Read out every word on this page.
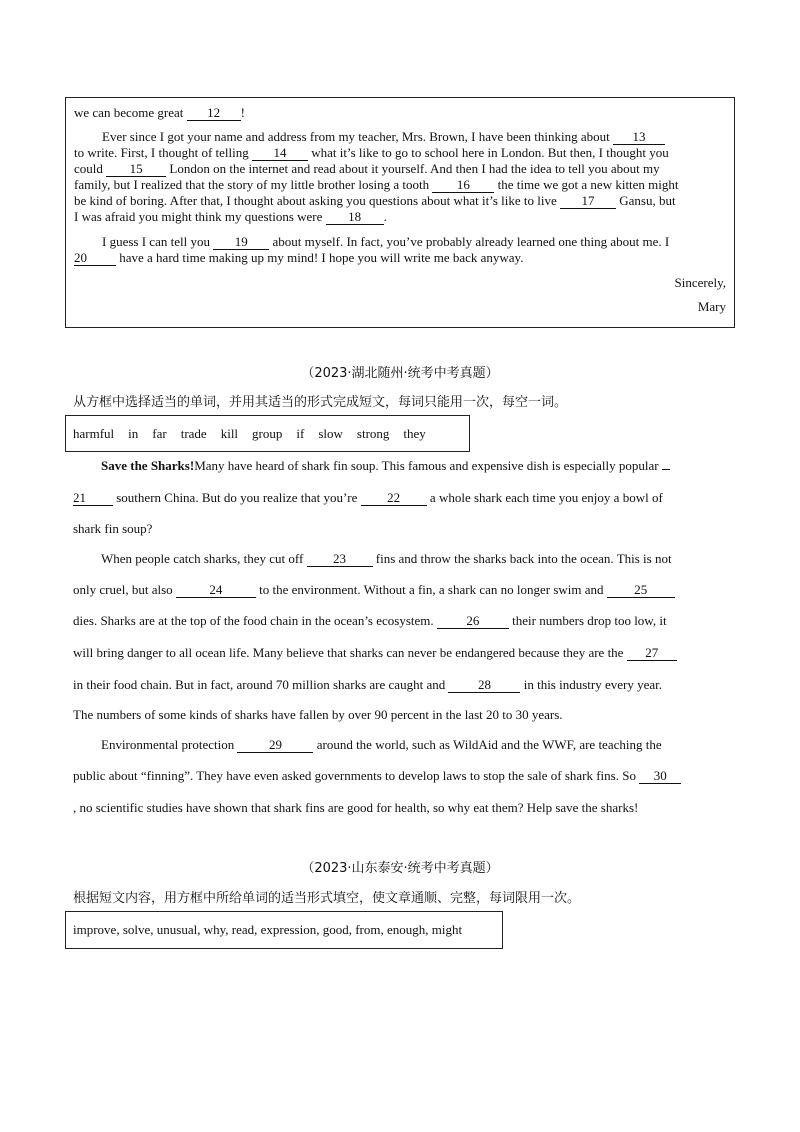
we can become great 12 !
Ever since I got your name and address from my teacher, Mrs. Brown, I have been thinking about 13
to write. First, I thought of telling 14 what it’s like to go to school here in London. But then, I thought you
could 15 London on the internet and read about it yourself. And then I had the idea to tell you about my
family, but I realized that the story of my little brother losing a tooth 16 the time we got a new kitten might
be kind of boring. After that, I thought about asking you questions about what it’s like to live 17 Gansu, but
I was afraid you might think my questions were 18 .
I guess I can tell you 19 about myself. In fact, you’ve probably already learned one thing about me. I
20 have a hard time making up my mind! I hope you will write me back anyway.
Sincerely,
Mary
（2023·湖北随州·统考中考真题）
从方框中选择适当的单词，并用其适当的形式完成短文，每词只能用一次，每空一词。
harmful in far trade kill group if slow strong they
Save the Sharks!Many have heard of shark fin soup. This famous and expensive dish is especially popular
21 southern China. But do you realize that you’re 22 a whole shark each time you enjoy a bowl of
shark fin soup?
When people catch sharks, they cut off 23 fins and throw the sharks back into the ocean. This is not
only cruel, but also	24	to the environment. Without a fin, a shark can no longer swim and 25
dies. Sharks are at the top of the food chain in the ocean’s ecosystem.	26	their numbers drop too low, it
will bring danger to all ocean life. Many believe that sharks can never be endangered because they are the 27
in their food chain. But in fact, around 70 million sharks are caught and	28	in this industry every year.
The numbers of some kinds of sharks have fallen by over 90 percent in the last 20 to 30 years.
Environmental protection	29	around the world, such as WildAid and the WWF, are teaching the
public about “finning”. They have even asked governments to develop laws to stop the sale of shark fins. So 30
, no scientific studies have shown that shark fins are good for health, so why eat them? Help save the sharks!
（2023·山东泰安·统考中考真题）
根据短文内容，用方框中所给单词的适当形式填空，使文章通顺、完整，每词限用一次。
improve, solve, unusual, why, read, expression, good, from, enough, might
